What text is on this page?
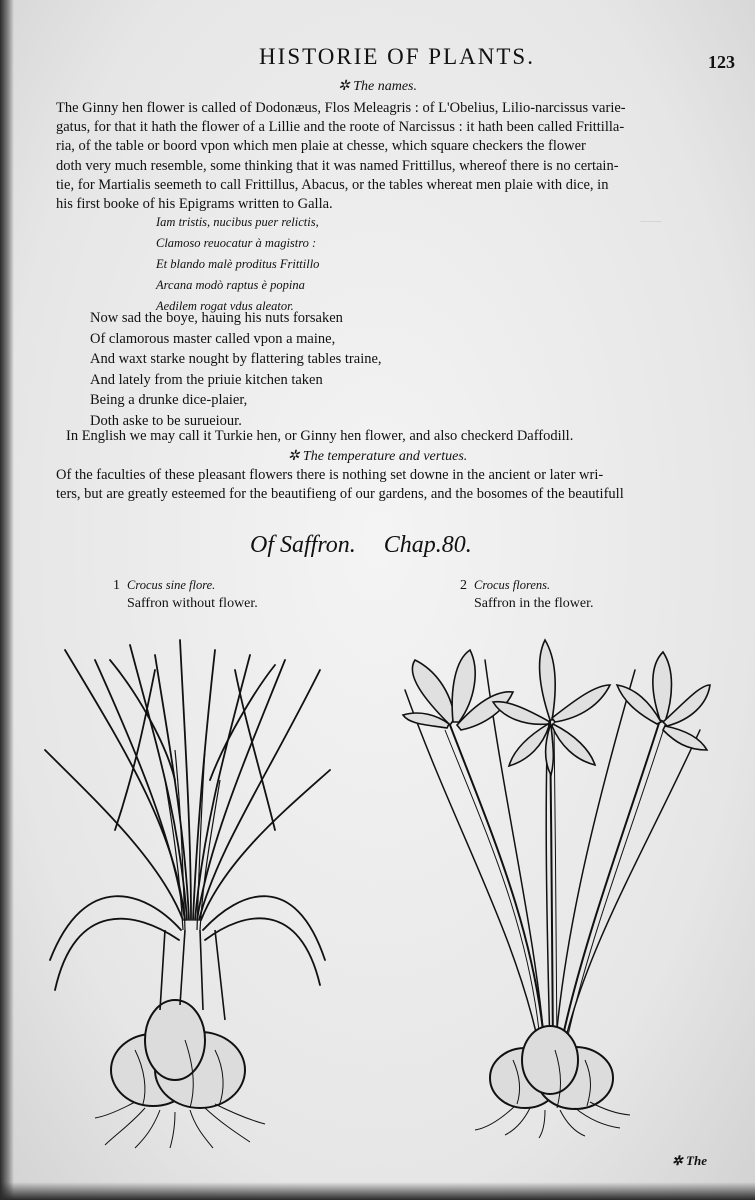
⸺
HISTORIE OF PLANTS.	123
✲ The names.
The Ginny hen flower is called of Dodonæus, Flos Meleagris : of L'Obelius, Lilio-narcissus varie-
gatus, for that it hath the flower of a Lillie and the roote of Narcissus : it hath been called Frittilla-
ria, of the table or boord vpon which men plaie at chesse, which square checkers the flower
doth very much resemble, some thinking that it was named Frittillus, whereof there is no certain-
tie, for Martialis seemeth to call Frittillus, Abacus, or the tables whereat men plaie with dice, in
his first booke of his Epigrams written to Galla.
Iam tristis, nucibus puer relictis,
Clamoso reuocatur à magistro :
Et blando malè proditus Frittillo
Arcana modò raptus è popina
Aedilem rogat vdus aleator.
Now sad the boye, hauing his nuts forsaken
Of clamorous master called vpon a maine,
And waxt starke nought by flattering tables traine,
And lately from the priuie kitchen taken
Being a drunke dice-plaier,
Doth aske to be surueiour.
In English we may call it Turkie hen, or Ginny hen flower, and also checkerd Daffodill.
✲ The temperature and vertues.
Of the faculties of these pleasant flowers there is nothing set downe in the ancient or later wri-
ters, but are greatly esteemed for the beautifieng of our gardens, and the bosomes of the beautifull
Of Saffron. Chap.80.
1 Crocus sine flore.
Saffron without flower.
2 Crocus florens.
Saffron in the flower.
✲ The
